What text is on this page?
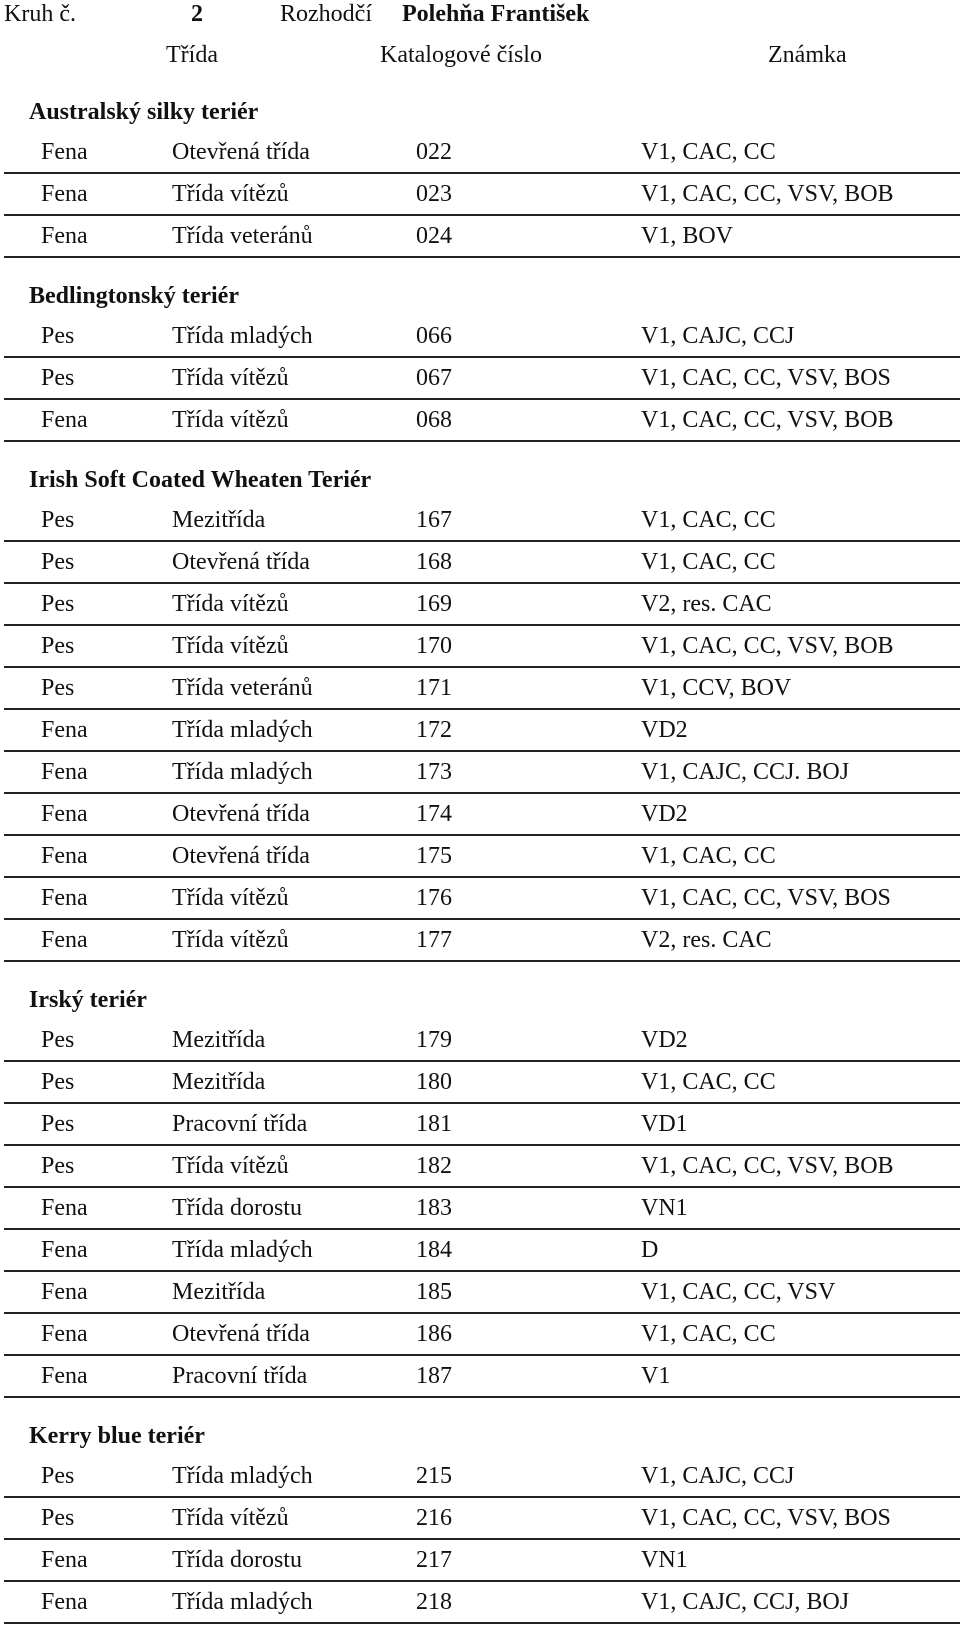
Kruh č.	2	Rozhodčí Polehňa František
Třída	Katalogové číslo	Známka
Australský silky teriér
Fena	Otevřená třída	022	V1, CAC, CC
Fena	Třída vítězů	023	V1, CAC, CC, VSV, BOB
Fena	Třída veteránů	024	V1, BOV
Bedlingtonský teriér
Pes	Třída mladých	066	V1, CAJC, CCJ
Pes	Třída vítězů	067	V1, CAC, CC, VSV, BOS
Fena	Třída vítězů	068	V1, CAC, CC, VSV, BOB
Irish Soft Coated Wheaten Teriér
Pes	Mezitřída	167	V1, CAC, CC
Pes	Otevřená třída	168	V1, CAC, CC
Pes	Třída vítězů	169	V2, res. CAC
Pes	Třída vítězů	170	V1, CAC, CC, VSV, BOB
Pes	Třída veteránů	171	V1, CCV, BOV
Fena	Třída mladých	172	VD2
Fena	Třída mladých	173	V1, CAJC, CCJ. BOJ
Fena	Otevřená třída	174	VD2
Fena	Otevřená třída	175	V1, CAC, CC
Fena	Třída vítězů	176	V1, CAC, CC, VSV, BOS
Fena	Třída vítězů	177	V2, res. CAC
Irský teriér
Pes	Mezitřída	179	VD2
Pes	Mezitřída	180	V1, CAC, CC
Pes	Pracovní třída	181	VD1
Pes	Třída vítězů	182	V1, CAC, CC, VSV, BOB
Fena	Třída dorostu	183	VN1
Fena	Třída mladých	184	D
Fena	Mezitřída	185	V1, CAC, CC, VSV
Fena	Otevřená třída	186	V1, CAC, CC
Fena	Pracovní třída	187	V1
Kerry blue teriér
Pes	Třída mladých	215	V1, CAJC, CCJ
Pes	Třída vítězů	216	V1, CAC, CC, VSV, BOS
Fena	Třída dorostu	217	VN1
Fena	Třída mladých	218	V1, CAJC, CCJ, BOJ
